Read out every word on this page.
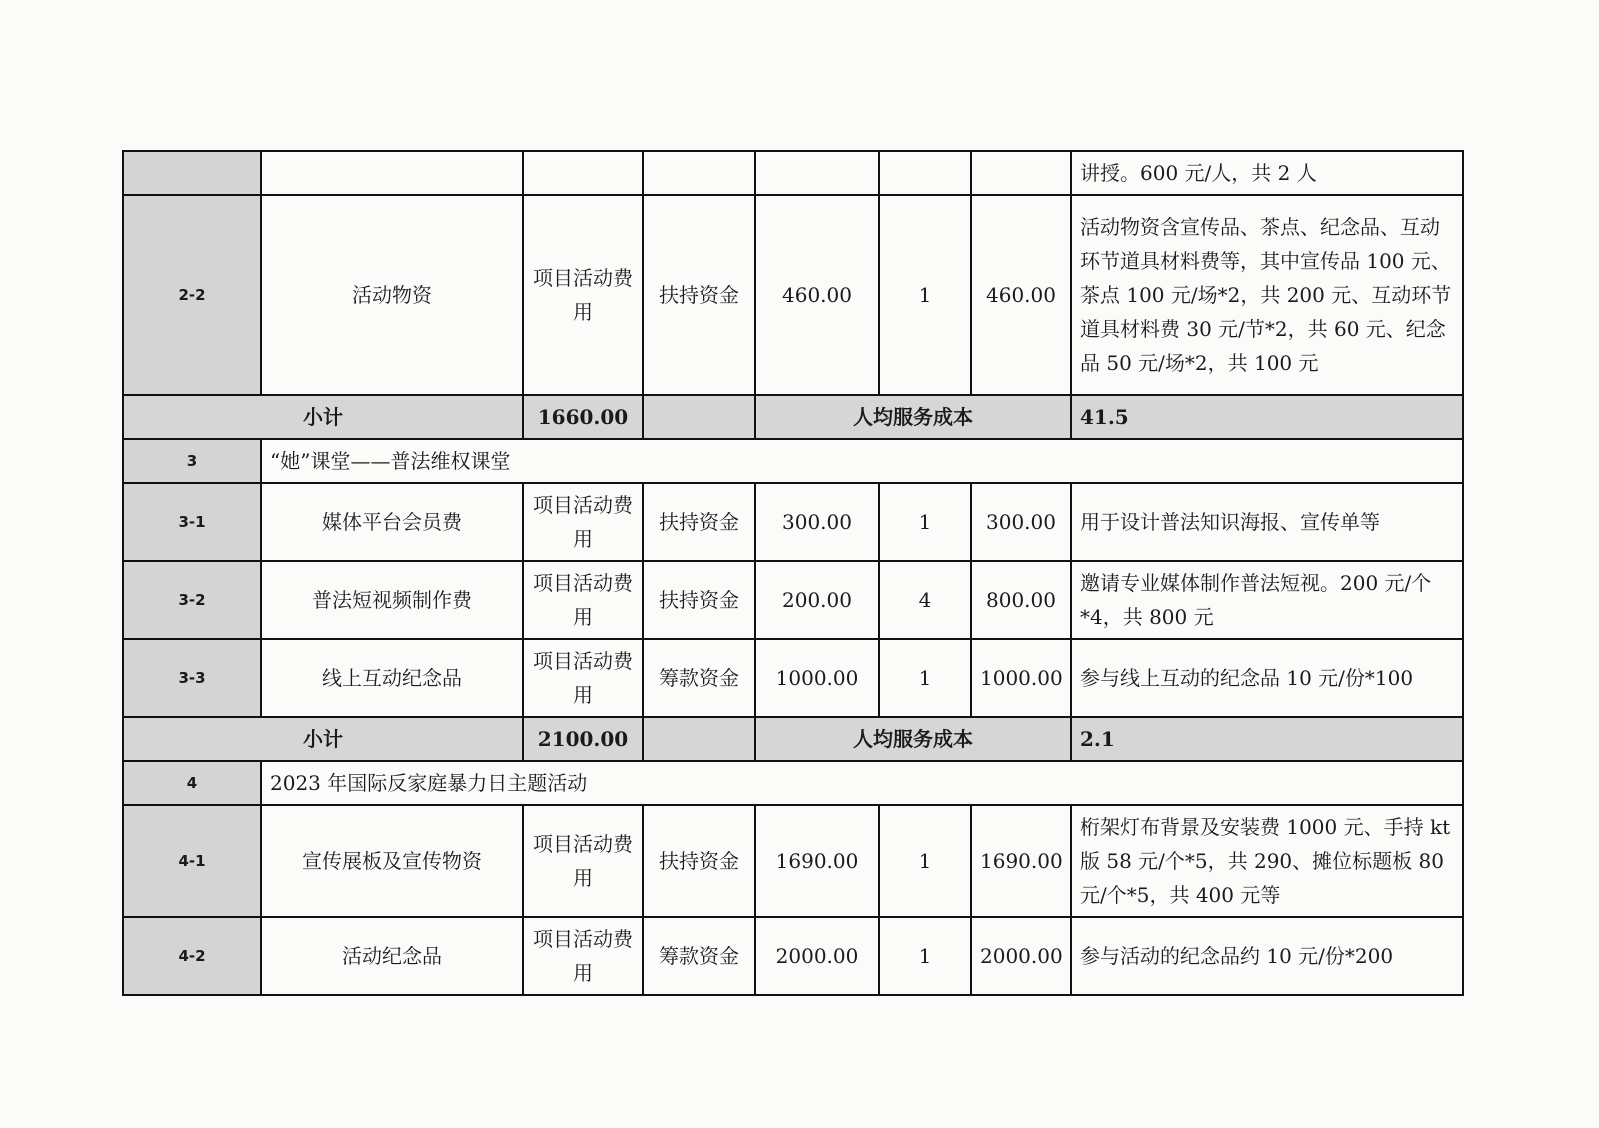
							讲授。600 元/人，共 2 人
2-2	活动物资	项目活动费用	扶持资金	460.00	1	460.00	活动物资含宣传品、茶点、纪念品、互动环节道具材料费等，其中宣传品 100 元、茶点 100 元/场*2，共 200 元、互动环节道具材料费 30 元/节*2，共 60 元、纪念品 50 元/场*2，共 100 元
小计		1660.00		人均服务成本			41.5
3	“她”课堂——普法维权课堂						
3-1	媒体平台会员费	项目活动费用	扶持资金	300.00	1	300.00	用于设计普法知识海报、宣传单等
3-2	普法短视频制作费	项目活动费用	扶持资金	200.00	4	800.00	邀请专业媒体制作普法短视。200 元/个*4，共 800 元
3-3	线上互动纪念品	项目活动费用	筹款资金	1000.00	1	1000.00	参与线上互动的纪念品 10 元/份*100
小计		2100.00		人均服务成本			2.1
4	2023 年国际反家庭暴力日主题活动						
4-1	宣传展板及宣传物资	项目活动费用	扶持资金	1690.00	1	1690.00	桁架灯布背景及安装费 1000 元、手持 kt 版 58 元/个*5，共 290、摊位标题板 80 元/个*5，共 400 元等
4-2	活动纪念品	项目活动费用	筹款资金	2000.00	1	2000.00	参与活动的纪念品约 10 元/份*200
